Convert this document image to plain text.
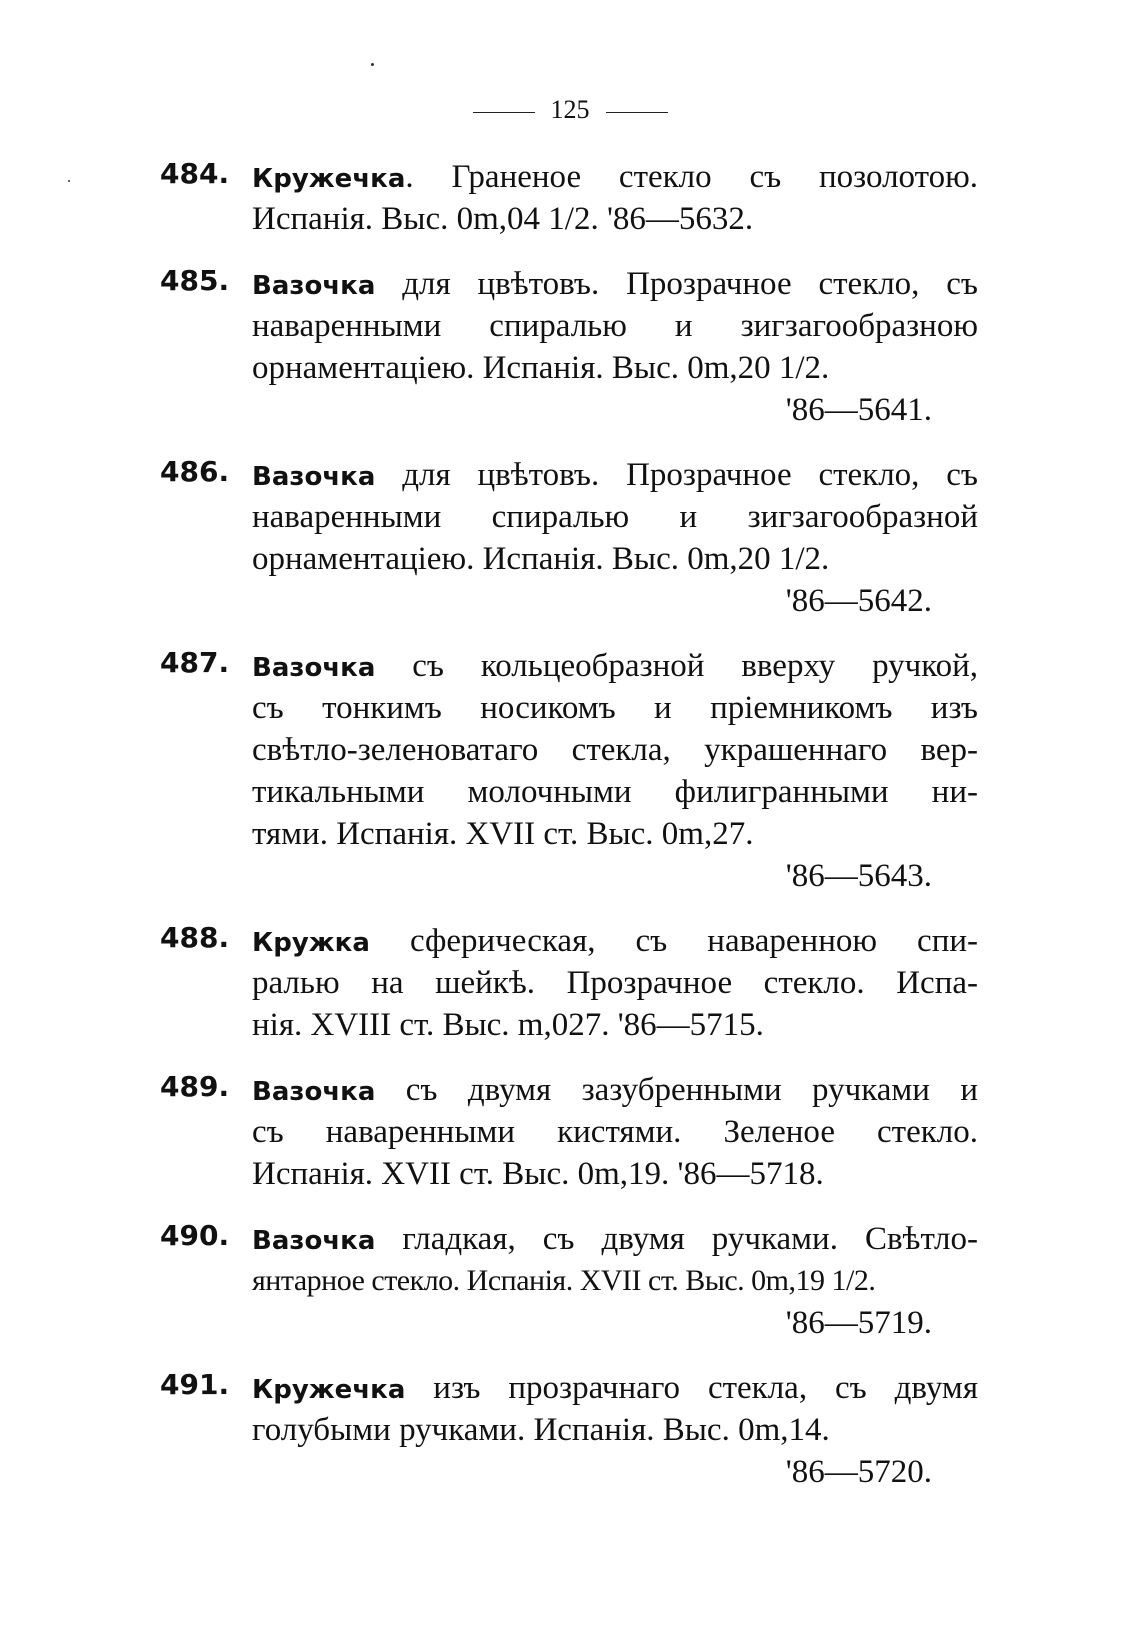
125
484. Кружечка. Граненое стекло съ позолотою.
Испанія. Выс. 0m,04 1/2. '86—5632.
485. Вазочка для цвѣтовъ. Прозрачное стекло, съ
наваренными спиралью и зигзагообразною
орнаментаціею. Испанія. Выс. 0m,20 1/2.
'86—5641.
486. Вазочка для цвѣтовъ. Прозрачное стекло, съ
наваренными спиралью и зигзагообразной
орнаментаціею. Испанія. Выс. 0m,20 1/2.
'86—5642.
487. Вазочка съ кольцеобразной вверху ручкой,
съ тонкимъ носикомъ и пріемникомъ изъ
свѣтло-зеленоватаго стекла, украшеннаго вер-
тикальными молочными филигранными ни-
тями. Испанія. XVII ст. Выс. 0m,27.
'86—5643.
488. Кружка сферическая, съ наваренною спи-
ралью на шейкѣ. Прозрачное стекло. Испа-
нія. XVIII ст. Выс. m,027. '86—5715.
489. Вазочка съ двумя зазубренными ручками и
съ наваренными кистями. Зеленое стекло.
Испанія. XVII ст. Выс. 0m,19. '86—5718.
490. Вазочка гладкая, съ двумя ручками. Свѣтло-
янтарное стекло. Испанія. XVII ст. Выс. 0m,19 1/2.
'86—5719.
491. Кружечка изъ прозрачнаго стекла, съ двумя
голубыми ручками. Испанія. Выс. 0m,14.
'86—5720.
